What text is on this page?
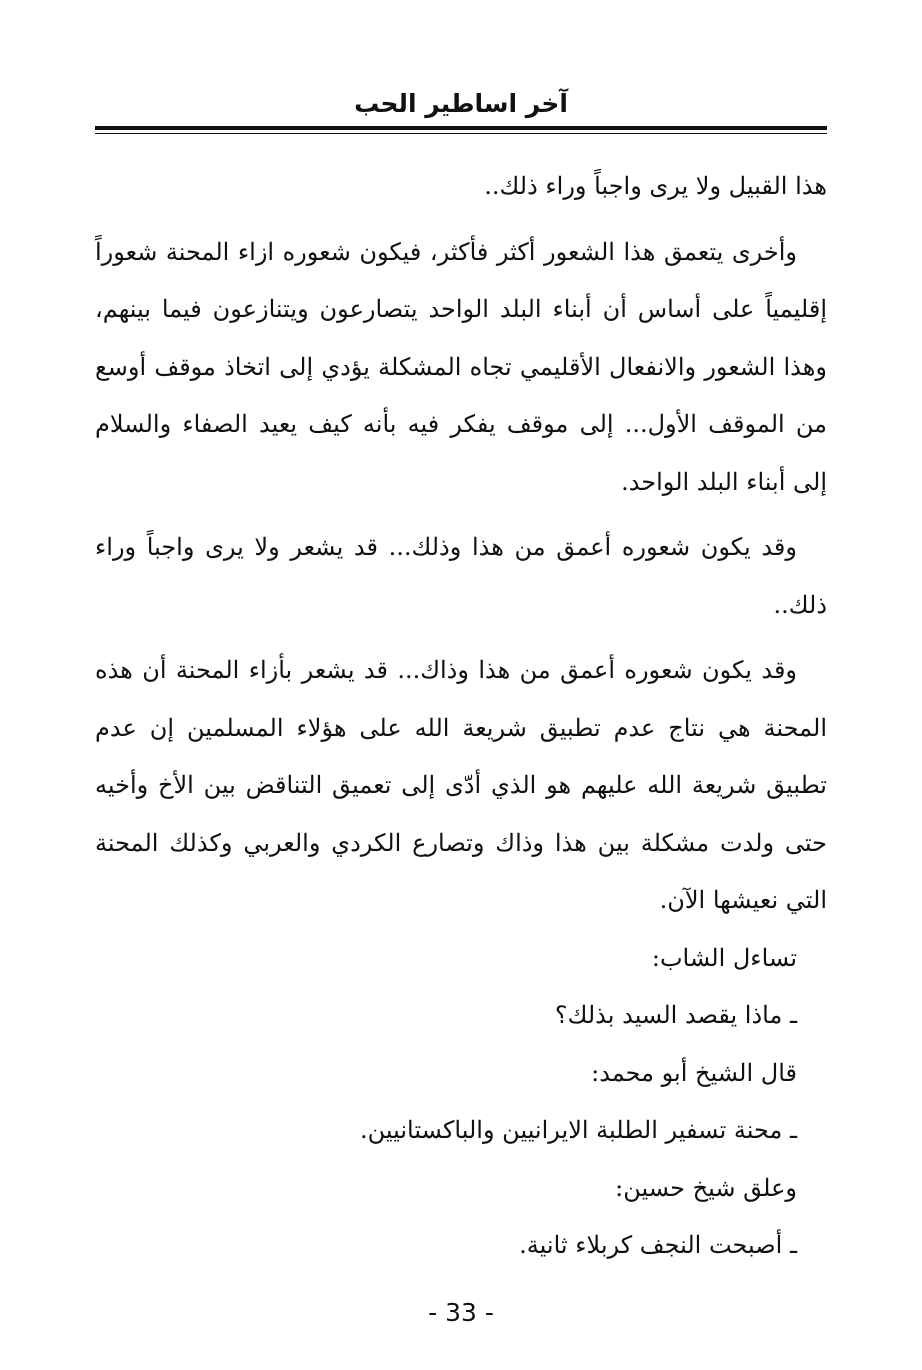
آخر اساطير الحب

هذا القبيل ولا يرى واجباً وراء ذلك..

وأخرى يتعمق هذا الشعور أكثر فأكثر، فيكون شعوره ازاء المحنة شعوراً إقليمياً على أساس أن أبناء البلد الواحد يتصارعون ويتنازعون فيما بينهم، وهذا الشعور والانفعال الأقليمي تجاه المشكلة يؤدي إلى اتخاذ موقف أوسع من الموقف الأول... إلى موقف يفكر فيه بأنه كيف يعيد الصفاء والسلام إلى أبناء البلد الواحد.

وقد يكون شعوره أعمق من هذا وذلك... قد يشعر ولا يرى واجباً وراء ذلك..

وقد يكون شعوره أعمق من هذا وذاك... قد يشعر بأزاء المحنة أن هذه المحنة هي نتاج عدم تطبيق شريعة الله على هؤلاء المسلمين إن عدم تطبيق شريعة الله عليهم هو الذي أدّى إلى تعميق التناقض بين الأخ وأخيه حتى ولدت مشكلة بين هذا وذاك وتصارع الكردي والعربي وكذلك المحنة التي نعيشها الآن.

تساءل الشاب:

ـ ماذا يقصد السيد بذلك؟

قال الشيخ أبو محمد:

ـ محنة تسفير الطلبة الايرانيين والباكستانيين.

وعلق شيخ حسين:

ـ أصبحت النجف كربلاء ثانية.

- 33 -
